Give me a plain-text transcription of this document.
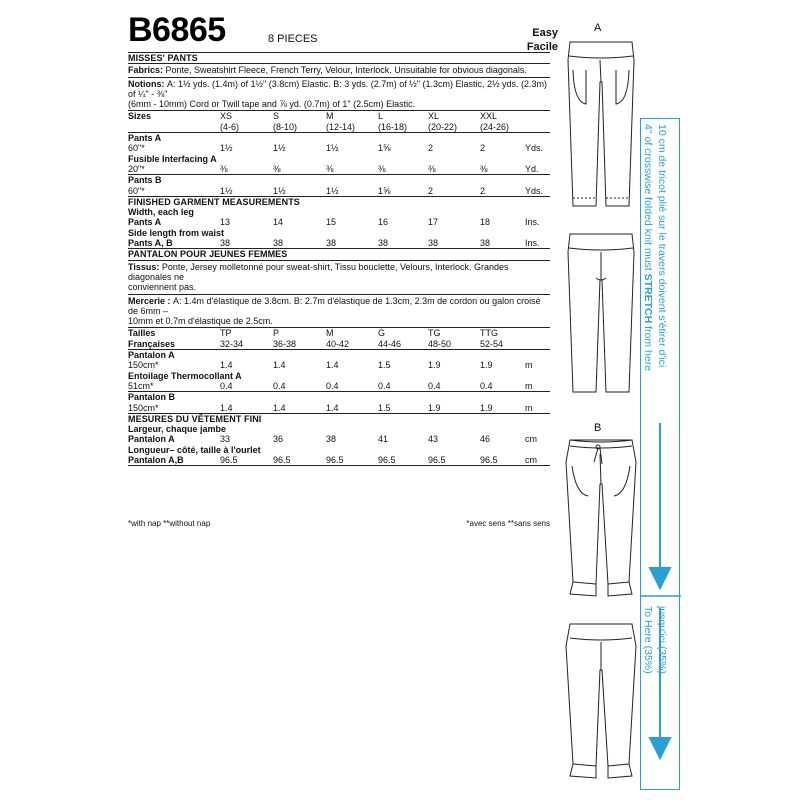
B6865	8 PIECES	Easy
Facile
MISSES' PANTS
Fabrics: Ponte, Sweatshirt Fleece, French Terry, Velour, Interlock. Unsuitable for obvious diagonals.
Notions: A: 1½ yds. (1.4m) of 1½" (3.8cm) Elastic. B: 3 yds. (2.7m) of ½" (1.3cm) Elastic, 2½ yds. (2.3m) of ¼" - ⅜"
(6mm - 10mm) Cord or Twill tape and ⅞ yd. (0.7m) of 1" (2.5cm) Elastic.
Sizes	XS	S	M	L	XL	XXL
(4-6)	(8-10)	(12-14)	(16-18) (20-22)	(24-26)
Pants A
60"*	1½	1½	1½	1⅝	2	2	Yds.
Fusible Interfacing A
20"*	⅜	⅜	⅜	⅜	⅜	⅜	Yd.
Pants B
60"*	1½	1½	1½	1⅝	2	2	Yds.
FINISHED GARMENT MEASUREMENTS
Width, each leg
Pants A	13	14	15	16	17	18	Ins.
Side length from waist
Pants A, B	38	38	38	38	38	38	Ins.
PANTALON POUR JEUNES FEMMES
Tissus: Ponte, Jersey molletonné pour sweat-shirt, Tissu bouclette, Velours, Interlock. Grandes diagonales ne
conviennent pas.
Mercerie : A: 1.4m d'élastique de 3.8cm. B: 2.7m d'élastique de 1.3cm, 2.3m de cordon ou galon croisé de 6mm –
10mm et 0.7m d'élastique de 2.5cm.
Tailles	TP	P	M	G	TG	TTG
Françaises	32-34	36-38	40-42	44-46	48-50	52-54
Pantalon A
150cm*	1.4	1.4	1.4	1.5	1.9	1.9	m
Entoilage Thermocollant A
51cm*	0.4	0.4	0.4	0.4	0.4	0.4	m
Pantalon B
150cm*	1.4	1.4	1.4	1.5	1.9	1.9	m
MESURES DU VÊTEMENT FINI
Largeur, chaque jambe
Pantalon A	33	36	38	41	43	46	cm
Longueur– côté, taille à l'ourlet
Pantalon A,B	96.5	96.5	96.5	96.5	96.5	96.5	cm
*with nap **without nap	*avec sens **sans sens
A
B
4" of crosswise folded knit must STRETCH from here 10 cm de tricot plié sur le travers doivent s'étirer d'ici
To Here (35%) jusqu'ici (35%)
